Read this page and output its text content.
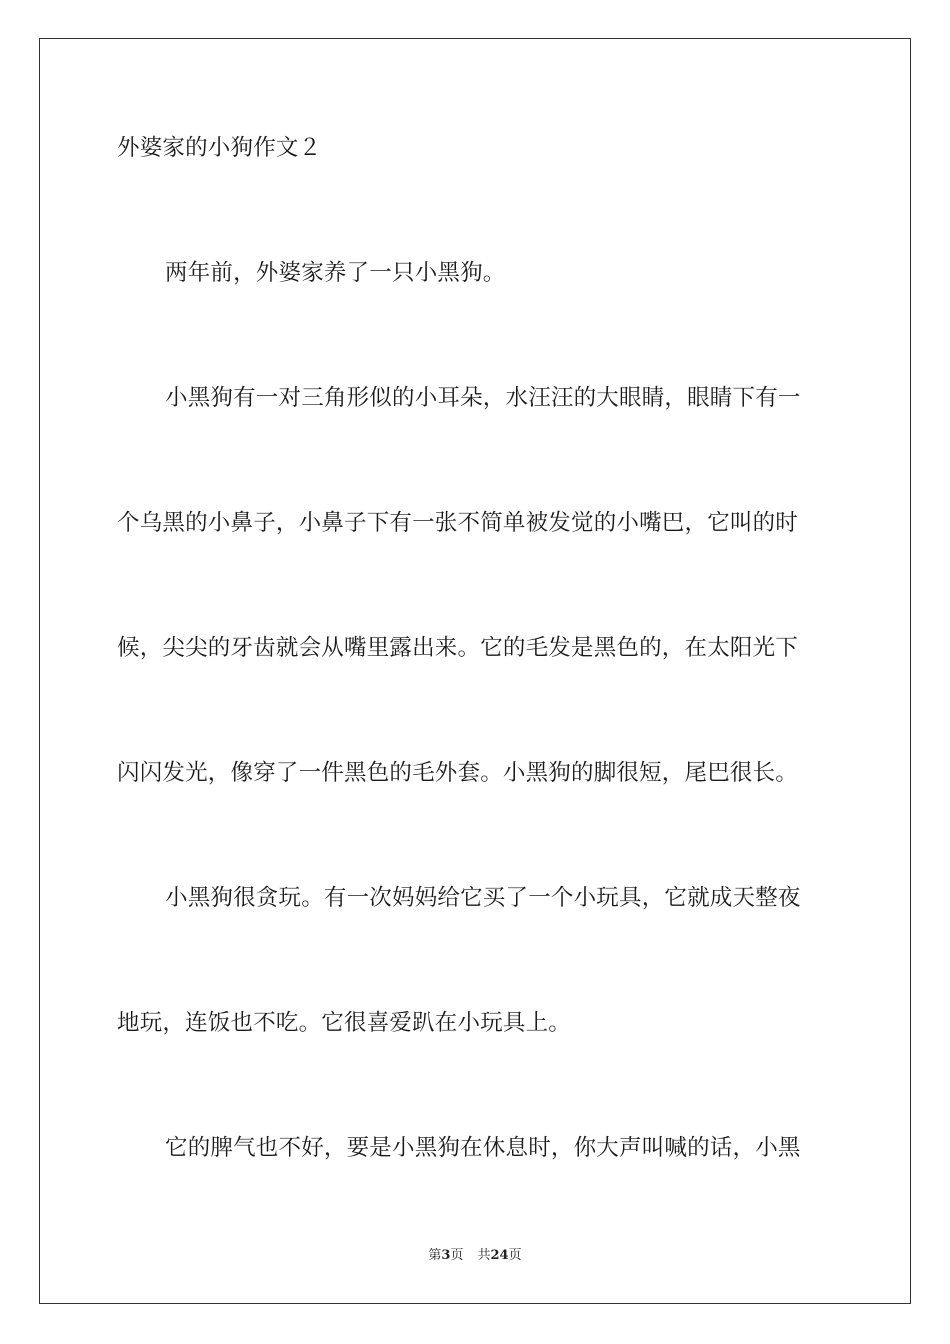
外婆家的小狗作文２
两年前，外婆家养了一只小黑狗。
小黑狗有一对三角形似的小耳朵，水汪汪的大眼睛，眼睛下有一
个乌黑的小鼻子，小鼻子下有一张不简单被发觉的小嘴巴，它叫的时
候，尖尖的牙齿就会从嘴里露出来。它的毛发是黑色的，在太阳光下
闪闪发光，像穿了一件黑色的毛外套。小黑狗的脚很短，尾巴很长。
小黑狗很贪玩。有一次妈妈给它买了一个小玩具，它就成天整夜
地玩，连饭也不吃。它很喜爱趴在小玩具上。
它的脾气也不好，要是小黑狗在休息时，你大声叫喊的话，小黑
第3页 共24页
